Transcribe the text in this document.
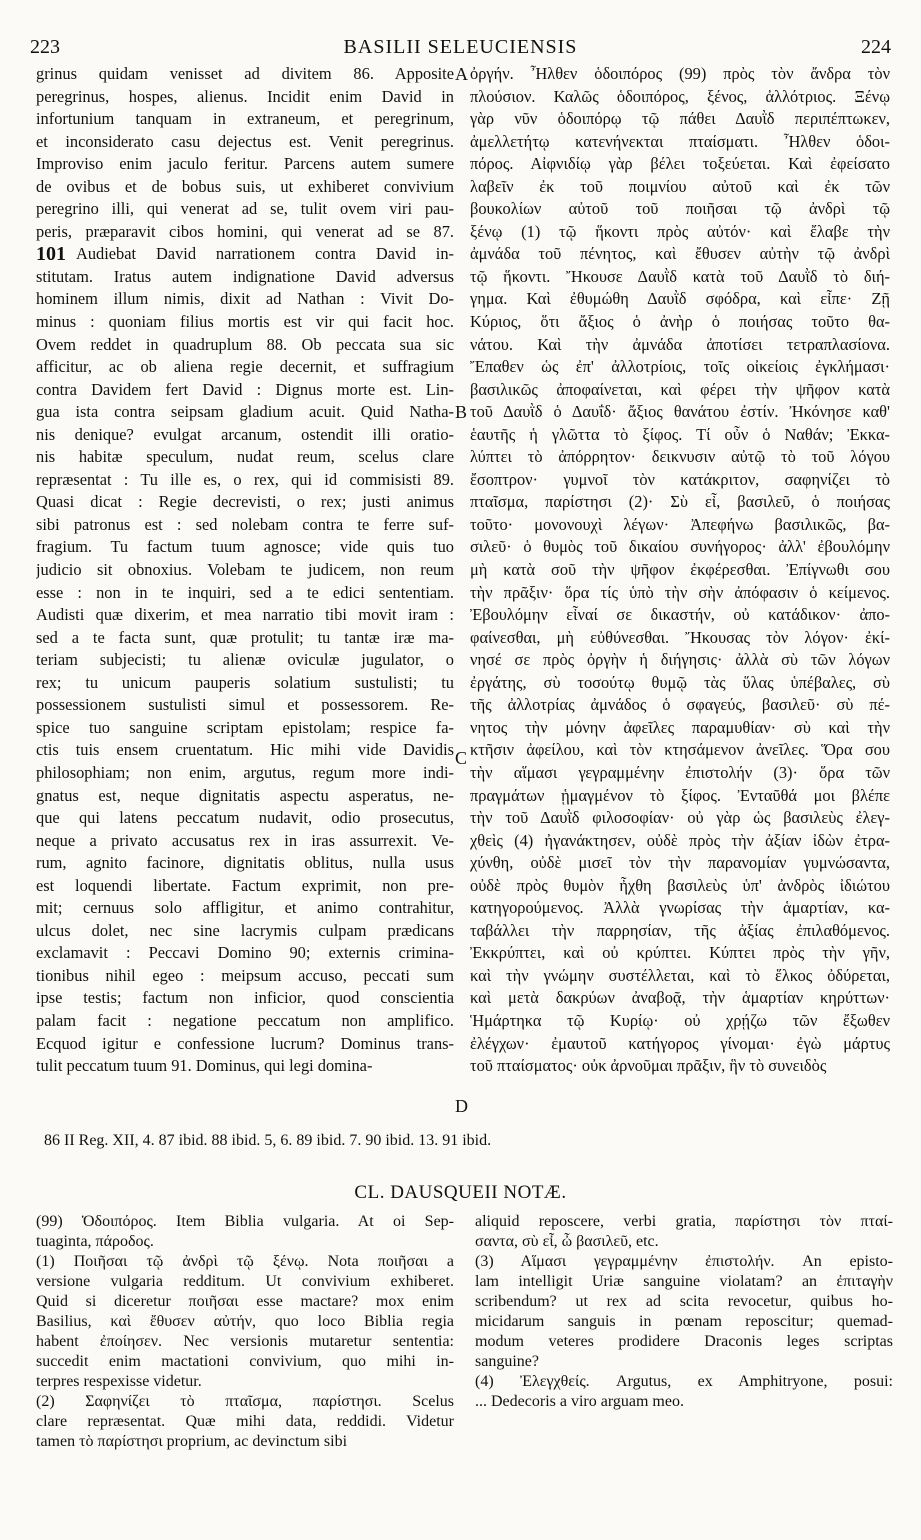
223	BASILII SELEUCIENSIS	224
grinus quidam venisset ad divitem 86. Apposite
peregrinus, hospes, alienus. Incidit enim David in
infortunium tanquam in extraneum, et peregrinum,
et inconsiderato casu dejectus est. Venit peregrinus.
Improviso enim jaculo feritur. Parcens autem sumere
de ovibus et de bobus suis, ut exhiberet convivium
peregrino illi, qui venerat ad se, tulit ovem viri pau-
peris, præparavit cibos homini, qui venerat ad se 87.
Audiebat David narrationem contra David in-
101
stitutam. Iratus autem indignatione David adversus
hominem illum nimis, dixit ad Nathan : Vivit Do-
minus : quoniam filius mortis est vir qui facit hoc.
Ovem reddet in quadruplum 88. Ob peccata sua sic
afficitur, ac ob aliena regie decernit, et suffragium
contra Davidem fert David : Dignus morte est. Lin-
gua ista contra seipsam gladium acuit. Quid Natha-
nis denique? evulgat arcanum, ostendit illi oratio-
nis habitæ speculum, nudat reum, scelus clare
repræsentat : Tu ille es, o rex, qui id commisisti 89.
Quasi dicat : Regie decrevisti, o rex; justi animus
sibi patronus est : sed nolebam contra te ferre suf-
fragium. Tu factum tuum agnosce; vide quis tuo
judicio sit obnoxius. Volebam te judicem, non reum
esse : non in te inquiri, sed a te edici sententiam.
Audisti quæ dixerim, et mea narratio tibi movit iram :
sed a te facta sunt, quæ protulit; tu tantæ iræ ma-
teriam subjecisti; tu alienæ oviculæ jugulator, o
rex; tu unicum pauperis solatium sustulisti; tu
possessionem sustulisti simul et possessorem. Re-
spice tuo sanguine scriptam epistolam; respice fa-
ctis tuis ensem cruentatum. Hic mihi vide Davidis
philosophiam; non enim, argutus, regum more indi-
gnatus est, neque dignitatis aspectu asperatus, ne-
que qui latens peccatum nudavit, odio prosecutus,
neque a privato accusatus rex in iras assurrexit. Ve-
rum, agnito facinore, dignitatis oblitus, nulla usus
est loquendi libertate. Factum exprimit, non pre-
mit; cernuus solo affligitur, et animo contrahitur,
ulcus dolet, nec sine lacrymis culpam prædicans
exclamavit : Peccavi Domino 90; externis crimina-
tionibus nihil egeo : meipsum accuso, peccati sum
ipse testis; factum non inficior, quod conscientia
palam facit : negatione peccatum non amplifico.
Ecquod igitur e confessione lucrum? Dominus trans-
tulit peccatum tuum 91. Dominus, qui legi domina-
ὀργήν. Ἦλθεν ὁδοιπόρος (99) πρὸς τὸν ἄνδρα τὸν
πλούσιον. Καλῶς ὁδοιπόρος, ξένος, ἀλλότριος. Ξένῳ
γὰρ νῦν ὁδοιπόρῳ τῷ πάθει Δαυῒδ περιπέπτωκεν,
ἀμελλετήτῳ κατενήνεκται πταίσματι. Ἦλθεν ὁδοι-
πόρος. Αἰφνιδίῳ γὰρ βέλει τοξεύεται. Καὶ ἐφείσατο
λαβεῖν ἐκ τοῦ ποιμνίου αὐτοῦ καὶ ἐκ τῶν
βουκολίων αὐτοῦ τοῦ ποιῆσαι τῷ ἀνδρὶ τῷ
ξένῳ (1) τῷ ἥκοντι πρὸς αὐτόν· καὶ ἔλαβε τὴν
ἀμνάδα τοῦ πένητος, καὶ ἔθυσεν αὐτὴν τῷ ἀνδρὶ
τῷ ἥκοντι. Ἤκουσε Δαυῒδ κατὰ τοῦ Δαυῒδ τὸ διή-
γημα. Καὶ ἐθυμώθη Δαυῒδ σφόδρα, καὶ εἶπε· Ζῇ
Κύριος, ὅτι ἄξιος ὁ ἀνὴρ ὁ ποιήσας τοῦτο θα-
νάτου. Καὶ τὴν ἀμνάδα ἀποτίσει τετραπλασίονα.
Ἔπαθεν ὡς ἐπ' ἀλλοτρίοις, τοῖς οἰκείοις ἐγκλήμασι·
βασιλικῶς ἀποφαίνεται, καὶ φέρει τὴν ψῆφον κατὰ
τοῦ Δαυῒδ ὁ Δαυΐδ· ἄξιος θανάτου ἐστίν. Ἠκόνησε καθ'
ἑαυτῆς ἡ γλῶττα τὸ ξίφος. Τί οὖν ὁ Ναθάν; Ἐκκα-
λύπτει τὸ ἀπόρρητον· δεικνυσιν αὐτῷ τὸ τοῦ λόγου
ἔσοπτρον· γυμνοῖ τὸν κατάκριτον, σαφηνίζει τὸ
πταῖσμα, παρίστησι (2)· Σὺ εἶ, βασιλεῦ, ὁ ποιήσας
τοῦτο· μονονουχὶ λέγων· Ἀπεφήνω βασιλικῶς, βα-
σιλεῦ· ὁ θυμὸς τοῦ δικαίου συνήγορος· ἀλλ' ἐβουλόμην
μὴ κατὰ σοῦ τὴν ψῆφον ἐκφέρεσθαι. Ἐπίγνωθι σου
τὴν πρᾶξιν· ὅρα τίς ὑπὸ τὴν σὴν ἀπόφασιν ὁ κείμενος.
Ἐβουλόμην εἶναί σε δικαστήν, οὐ κατάδικον· ἀπο-
φαίνεσθαι, μὴ εὐθύνεσθαι. Ἤκουσας τὸν λόγον· ἐκί-
νησέ σε πρὸς ὀργὴν ἡ διήγησις· ἀλλὰ σὺ τῶν λόγων
ἐργάτης, σὺ τοσούτῳ θυμῷ τὰς ὕλας ὑπέβαλες, σὺ
τῆς ἀλλοτρίας ἀμνάδος ὁ σφαγεύς, βασιλεῦ· σὺ πέ-
νητος τὴν μόνην ἀφεῖλες παραμυθίαν· σὺ καὶ τὴν
κτῆσιν ἀφείλου, καὶ τὸν κτησάμενον ἀνεῖλες. Ὅρα σου
τὴν αἵμασι γεγραμμένην ἐπιστολήν (3)· ὅρα τῶν
πραγμάτων ᾑμαγμένον τὸ ξίφος. Ἐνταῦθά μοι βλέπε
τὴν τοῦ Δαυῒδ φιλοσοφίαν· οὐ γὰρ ὡς βασιλεὺς ἐλεγ-
χθεὶς (4) ἠγανάκτησεν, οὐδὲ πρὸς τὴν ἀξίαν ἰδὼν ἐτρα-
χύνθη, οὐδὲ μισεῖ τὸν τὴν παρανομίαν γυμνώσαντα,
οὐδὲ πρὸς θυμὸν ἦχθη βασιλεὺς ὑπ' ἀνδρὸς ἰδιώτου
κατηγορούμενος. Ἀλλὰ γνωρίσας τὴν ἁμαρτίαν, κα-
ταβάλλει τὴν παρρησίαν, τῆς ἀξίας ἐπιλαθόμενος.
Ἐκκρύπτει, καὶ οὐ κρύπτει. Κύπτει πρὸς τὴν γῆν,
καὶ τὴν γνώμην συστέλλεται, καὶ τὸ ἕλκος ὀδύρεται,
καὶ μετὰ δακρύων ἀναβοᾷ, τὴν ἁμαρτίαν κηρύττων·
Ἡμάρτηκα τῷ Κυρίῳ· οὐ χρῄζω τῶν ἔξωθεν
ἐλέγχων· ἐμαυτοῦ κατήγορος γίνομαι· ἐγὼ μάρτυς
τοῦ πταίσματος· οὐκ ἀρνοῦμαι πρᾶξιν, ἣν τὸ συνειδὸς
A
B
C
D
86 II Reg. XII, 4. 87 ibid. 88 ibid. 5, 6. 89 ibid. 7. 90 ibid. 13. 91 ibid.
CL. DAUSQUEII NOTÆ.
(99) Ὁδοιπόρος. Item Biblia vulgaria. At oi Sep-
tuaginta, πάροδος.
(1) Ποιῆσαι τῷ ἀνδρὶ τῷ ξένῳ. Nota ποιῆσαι a
versione vulgaria redditum. Ut convivium exhiberet.
Quid si diceretur ποιῆσαι esse mactare? mox enim
Basilius, καὶ ἔθυσεν αὐτήν, quo loco Biblia regia
habent ἐποίησεν. Nec versionis mutaretur sententia:
succedit enim mactationi convivium, quo mihi in-
terpres respexisse videtur.
(2) Σαφηνίζει τὸ πταῖσμα, παρίστησι. Scelus
clare repræsentat. Quæ mihi data, reddidi. Videtur
tamen τὸ παρίστησι proprium, ac devinctum sibi
aliquid reposcere, verbi gratia, παρίστησι τὸν πταί-
σαντα, σὺ εἶ, ὦ βασιλεῦ, etc.
(3) Αἵμασι γεγραμμένην ἐπιστολήν. An episto-
lam intelligit Uriæ sanguine violatam? an ἐπιταγὴν
scribendum? ut rex ad scita revocetur, quibus ho-
micidarum sanguis in pœnam reposcitur; quemad-
modum veteres prodidere Draconis leges scriptas
sanguine?
(4) Ἐλεγχθείς. Argutus, ex Amphitryone, posui:
... Dedecoris a viro arguam meo.
